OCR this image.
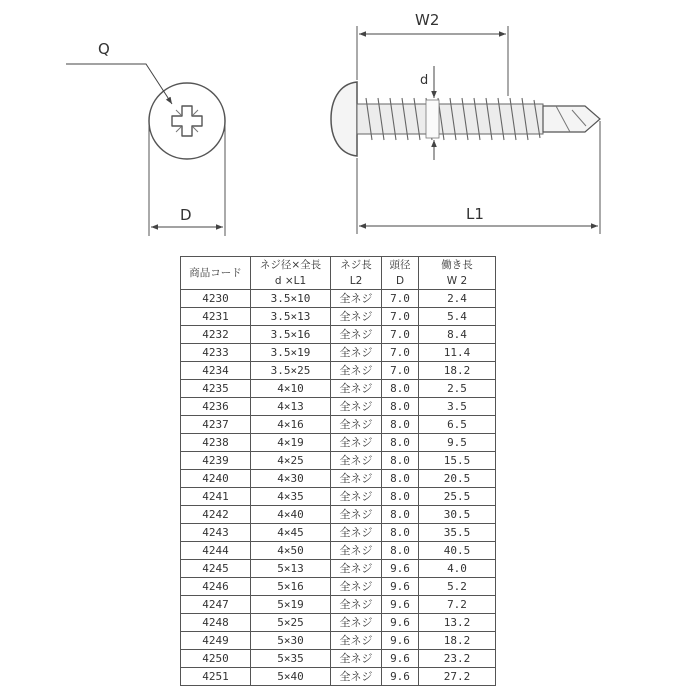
Q
D
W2
d
L1
商品コード	ネジ径×全長	ネジ長	頭径	働き長
	d ×L1	L2	D	W 2
4230	3.5×10	全ネジ	7.0	2.4
4231	3.5×13	全ネジ	7.0	5.4
4232	3.5×16	全ネジ	7.0	8.4
4233	3.5×19	全ネジ	7.0	11.4
4234	3.5×25	全ネジ	7.0	18.2
4235	4×10	全ネジ	8.0	2.5
4236	4×13	全ネジ	8.0	3.5
4237	4×16	全ネジ	8.0	6.5
4238	4×19	全ネジ	8.0	9.5
4239	4×25	全ネジ	8.0	15.5
4240	4×30	全ネジ	8.0	20.5
4241	4×35	全ネジ	8.0	25.5
4242	4×40	全ネジ	8.0	30.5
4243	4×45	全ネジ	8.0	35.5
4244	4×50	全ネジ	8.0	40.5
4245	5×13	全ネジ	9.6	4.0
4246	5×16	全ネジ	9.6	5.2
4247	5×19	全ネジ	9.6	7.2
4248	5×25	全ネジ	9.6	13.2
4249	5×30	全ネジ	9.6	18.2
4250	5×35	全ネジ	9.6	23.2
4251	5×40	全ネジ	9.6	27.2
